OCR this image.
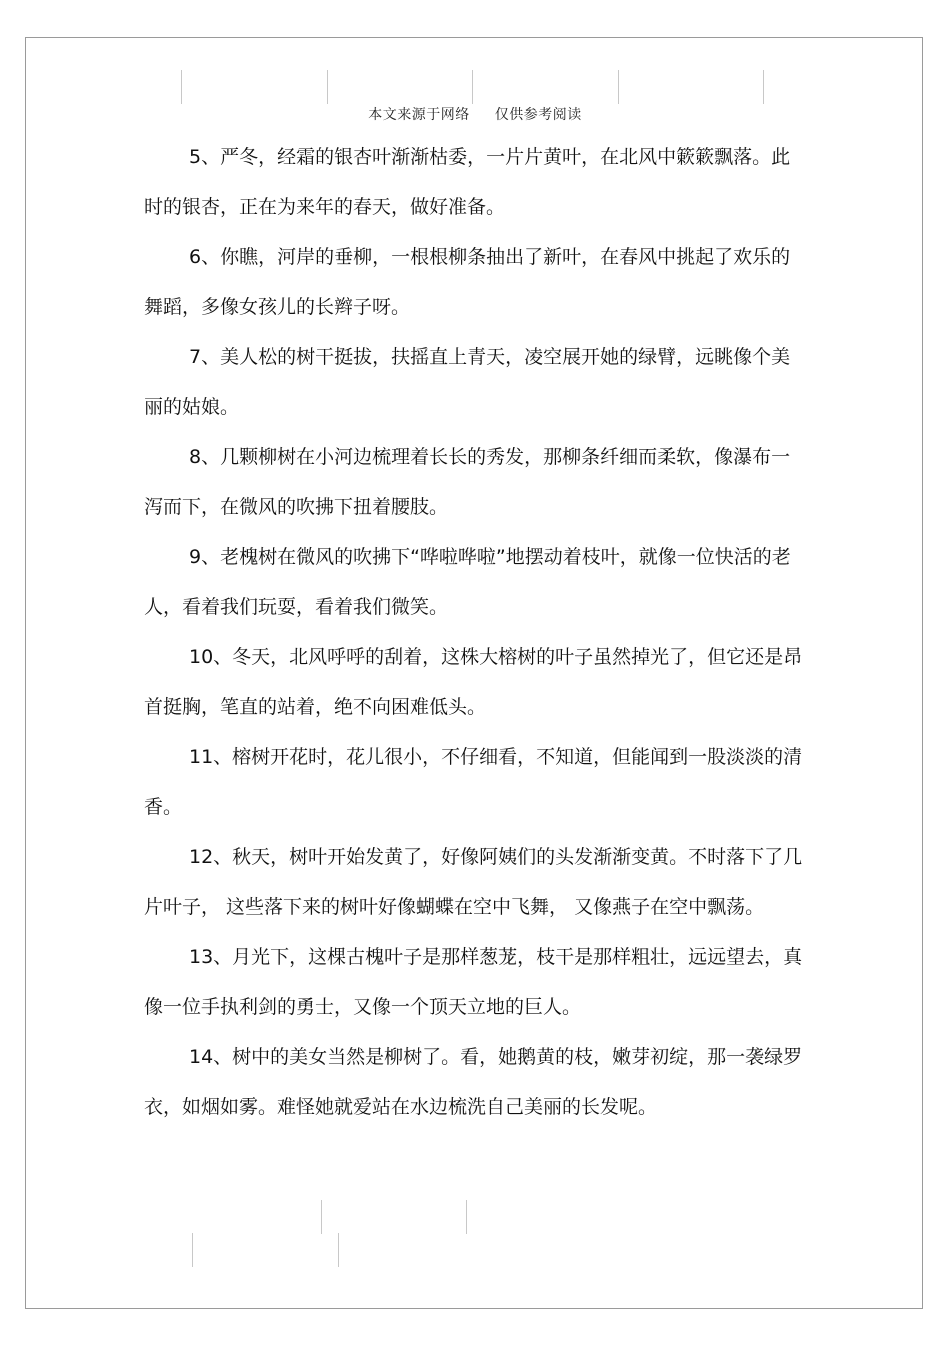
本文来源于网络 仅供参考阅读

5、严冬，经霜的银杏叶渐渐枯委，一片片黄叶，在北风中簌簌飘落。此时的银杏，正在为来年的春天，做好准备。

6、你瞧，河岸的垂柳，一根根柳条抽出了新叶，在春风中挑起了欢乐的舞蹈，多像女孩儿的长辫子呀。

7、美人松的树干挺拔，扶摇直上青天，凌空展开她的绿臂，远眺像个美丽的姑娘。

8、几颗柳树在小河边梳理着长长的秀发，那柳条纤细而柔软，像瀑布一泻而下，在微风的吹拂下扭着腰肢。

9、老槐树在微风的吹拂下“哗啦哗啦”地摆动着枝叶，就像一位快活的老人，看着我们玩耍，看着我们微笑。

10、冬天，北风呼呼的刮着，这株大榕树的叶子虽然掉光了，但它还是昂首挺胸，笔直的站着，绝不向困难低头。

11、榕树开花时，花儿很小，不仔细看，不知道，但能闻到一股淡淡的清香。

12、秋天，树叶开始发黄了，好像阿姨们的头发渐渐变黄。不时落下了几片叶子， 这些落下来的树叶好像蝴蝶在空中飞舞， 又像燕子在空中飘荡。

13、月光下，这棵古槐叶子是那样葱茏，枝干是那样粗壮，远远望去，真像一位手执利剑的勇士，又像一个顶天立地的巨人。

14、树中的美女当然是柳树了。看，她鹅黄的枝，嫩芽初绽，那一袭绿罗衣，如烟如雾。难怪她就爱站在水边梳洗自己美丽的长发呢。
